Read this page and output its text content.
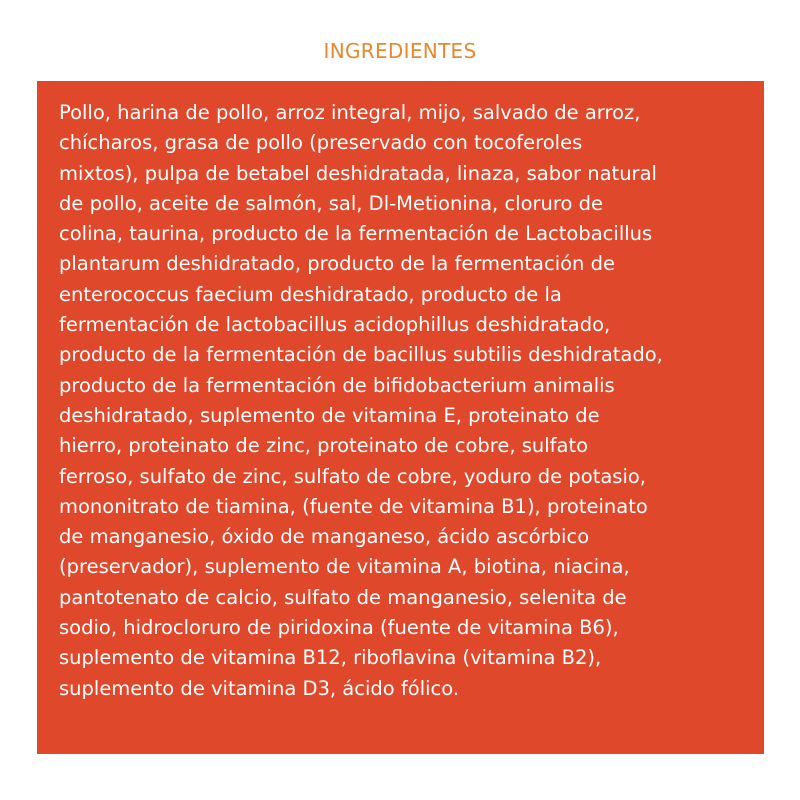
INGREDIENTES
Pollo, harina de pollo, arroz integral, mijo, salvado de arroz,
chícharos, grasa de pollo (preservado con tocoferoles
mixtos), pulpa de betabel deshidratada, linaza, sabor natural
de pollo, aceite de salmón, sal, Dl-Metionina, cloruro de
colina, taurina, producto de la fermentación de Lactobacillus
plantarum deshidratado, producto de la fermentación de
enterococcus faecium deshidratado, producto de la
fermentación de lactobacillus acidophillus deshidratado,
producto de la fermentación de bacillus subtilis deshidratado,
producto de la fermentación de bifidobacterium animalis
deshidratado, suplemento de vitamina E, proteinato de
hierro, proteinato de zinc, proteinato de cobre, sulfato
ferroso, sulfato de zinc, sulfato de cobre, yoduro de potasio,
mononitrato de tiamina, (fuente de vitamina B1), proteinato
de manganesio, óxido de manganeso, ácido ascórbico
(preservador), suplemento de vitamina A, biotina, niacina,
pantotenato de calcio, sulfato de manganesio, selenita de
sodio, hidrocloruro de piridoxina (fuente de vitamina B6),
suplemento de vitamina B12, riboflavina (vitamina B2),
suplemento de vitamina D3, ácido fólico.
